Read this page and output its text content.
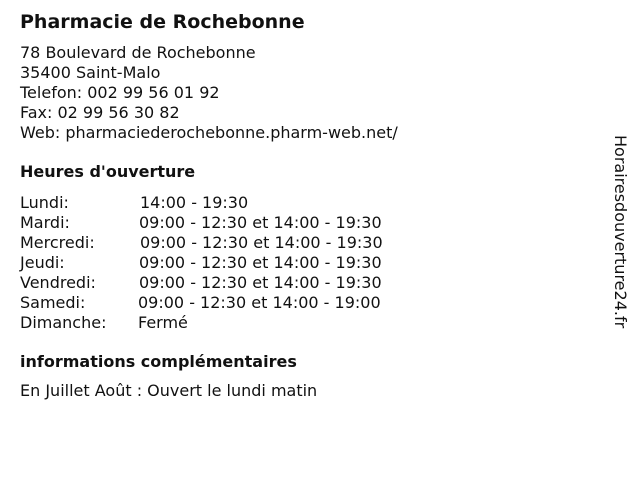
Pharmacie de Rochebonne
78 Boulevard de Rochebonne
35400 Saint-Malo
Telefon: 002 99 56 01 92
Fax: 02 99 56 30 82
Web: pharmaciederochebonne.pharm-web.net/
Heures d'ouverture
Lundi:	14:00 - 19:30
Mardi:	09:00 - 12:30 et 14:00 - 19:30
Mercredi:	09:00 - 12:30 et 14:00 - 19:30
Jeudi:	09:00 - 12:30 et 14:00 - 19:30
Vendredi:	09:00 - 12:30 et 14:00 - 19:30
Samedi:	09:00 - 12:30 et 14:00 - 19:00
Dimanche: Fermé
informations complémentaires
En Juillet Août : Ouvert le lundi matin
Horairesdouverture24.fr
